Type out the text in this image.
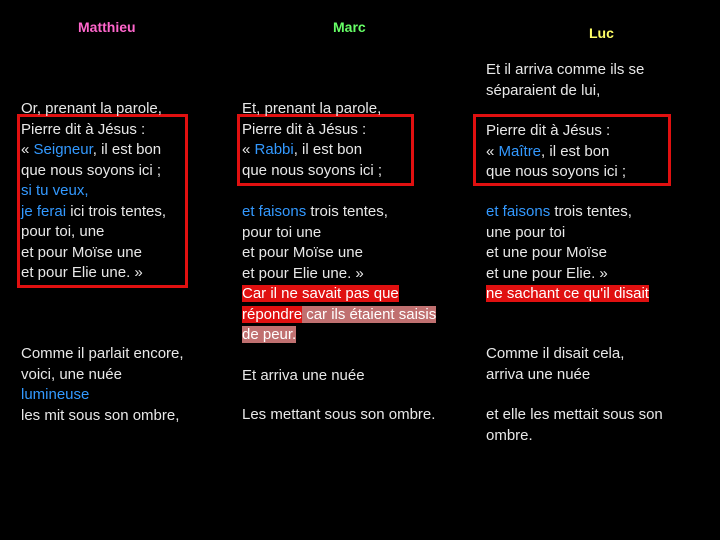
Matthieu	Marc	Luc
Or, prenant la parole,
Pierre dit à Jésus :
« Seigneur, il est bon
que nous soyons ici ;
si tu veux,
je ferai ici trois tentes,
pour toi, une
et pour Moïse une
et pour Elie une. »
Comme il parlait encore,
voici, une nuée
lumineuse
les mit sous son ombre,
Et, prenant la parole,
Pierre dit à Jésus :
« Rabbi, il est bon
que nous soyons ici ;
et faisons trois tentes,
pour toi une
et pour Moïse une
et pour Elie une. »
Car il ne savait pas que
répondre car ils étaient saisis
de peur.
Et arriva une nuée
Les mettant sous son ombre.
Et il arriva comme ils se
séparaient de lui,
Pierre dit à Jésus :
« Maître, il est bon
que nous soyons ici ;
et faisons trois tentes,
une pour toi
et une pour Moïse
et une pour Elie. »
ne sachant ce qu'il disait
Comme il disait cela,
arriva une nuée
et elle les mettait sous son
ombre.
